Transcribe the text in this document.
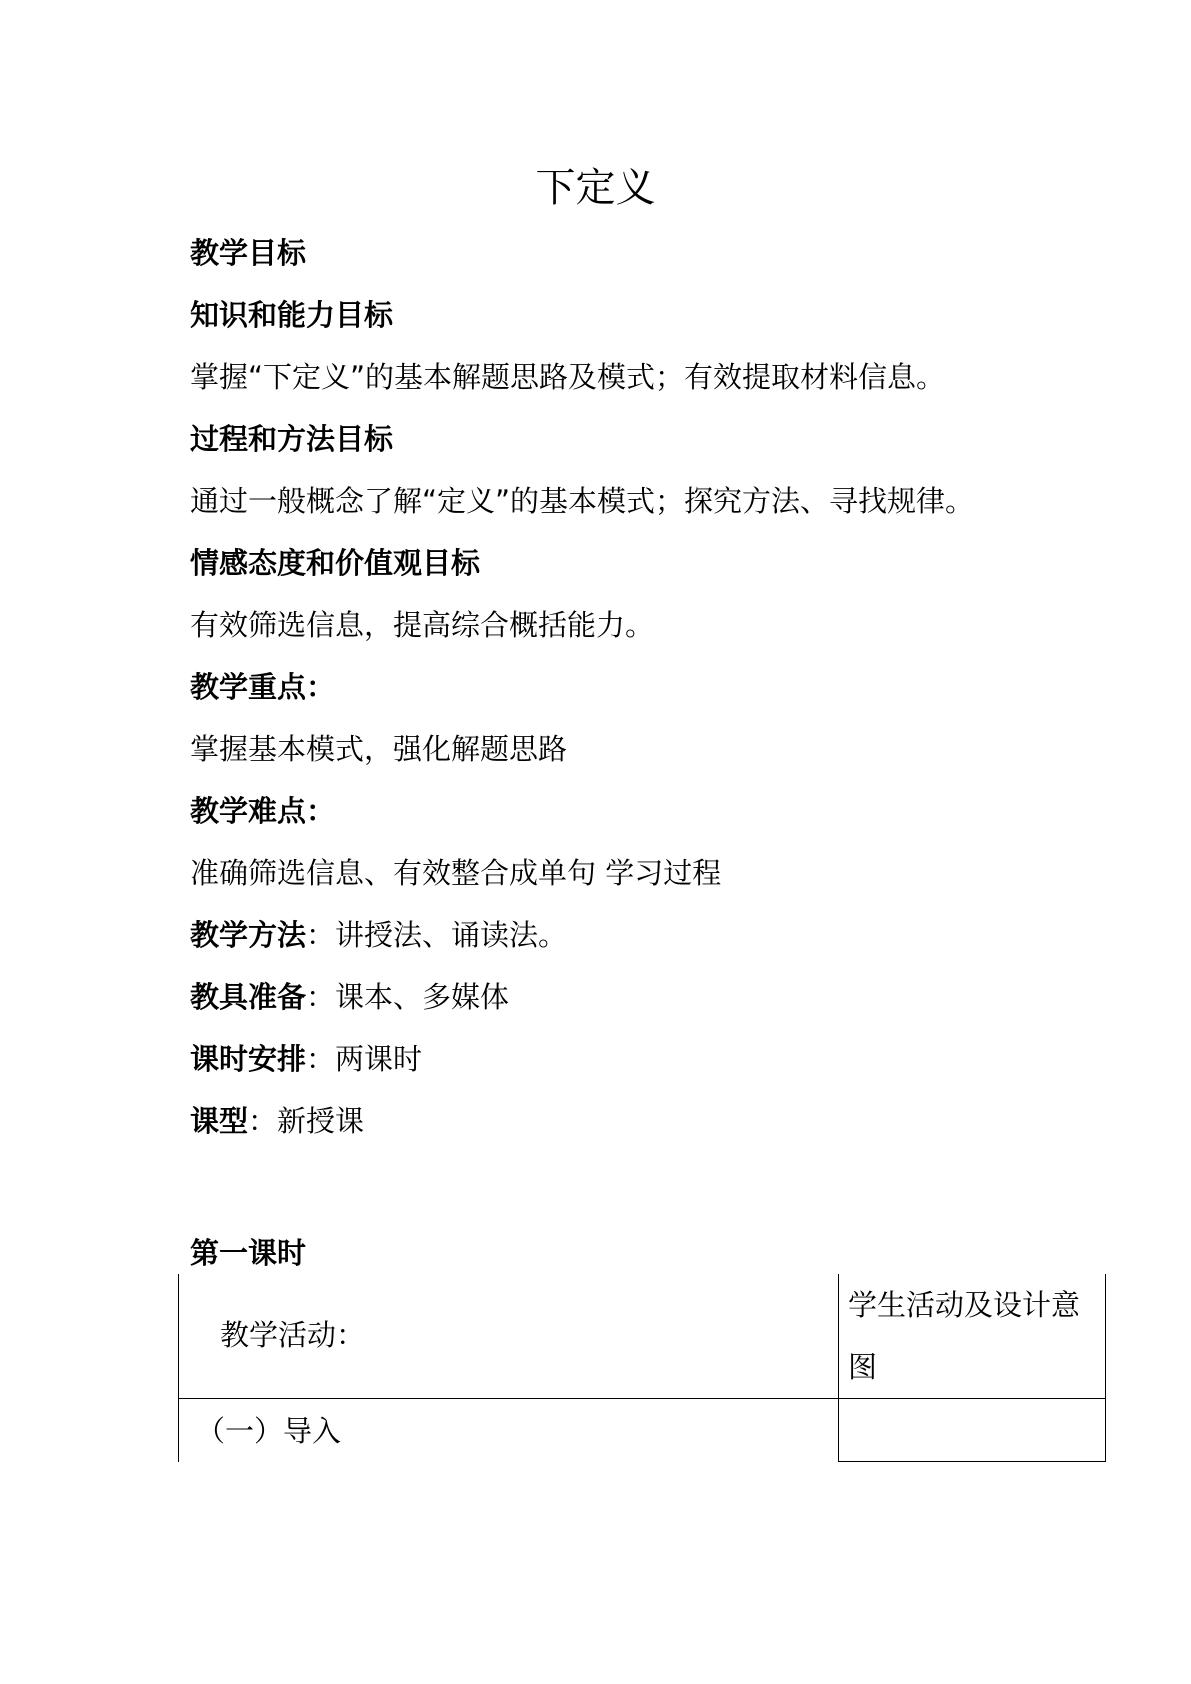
下定义

教学目标

知识和能力目标

掌握“下定义”的基本解题思路及模式；有效提取材料信息。

过程和方法目标

通过一般概念了解“定义”的基本模式；探究方法、寻找规律。

情感态度和价值观目标

有效筛选信息，提高综合概括能力。

教学重点：

掌握基本模式，强化解题思路

教学难点：

准确筛选信息、有效整合成单句 学习过程

教学方法：讲授法、诵读法。

教具准备：课本、多媒体

课时安排：两课时

课型：新授课

第一课时

教学活动：
学生活动及设计意图
（一）导入
